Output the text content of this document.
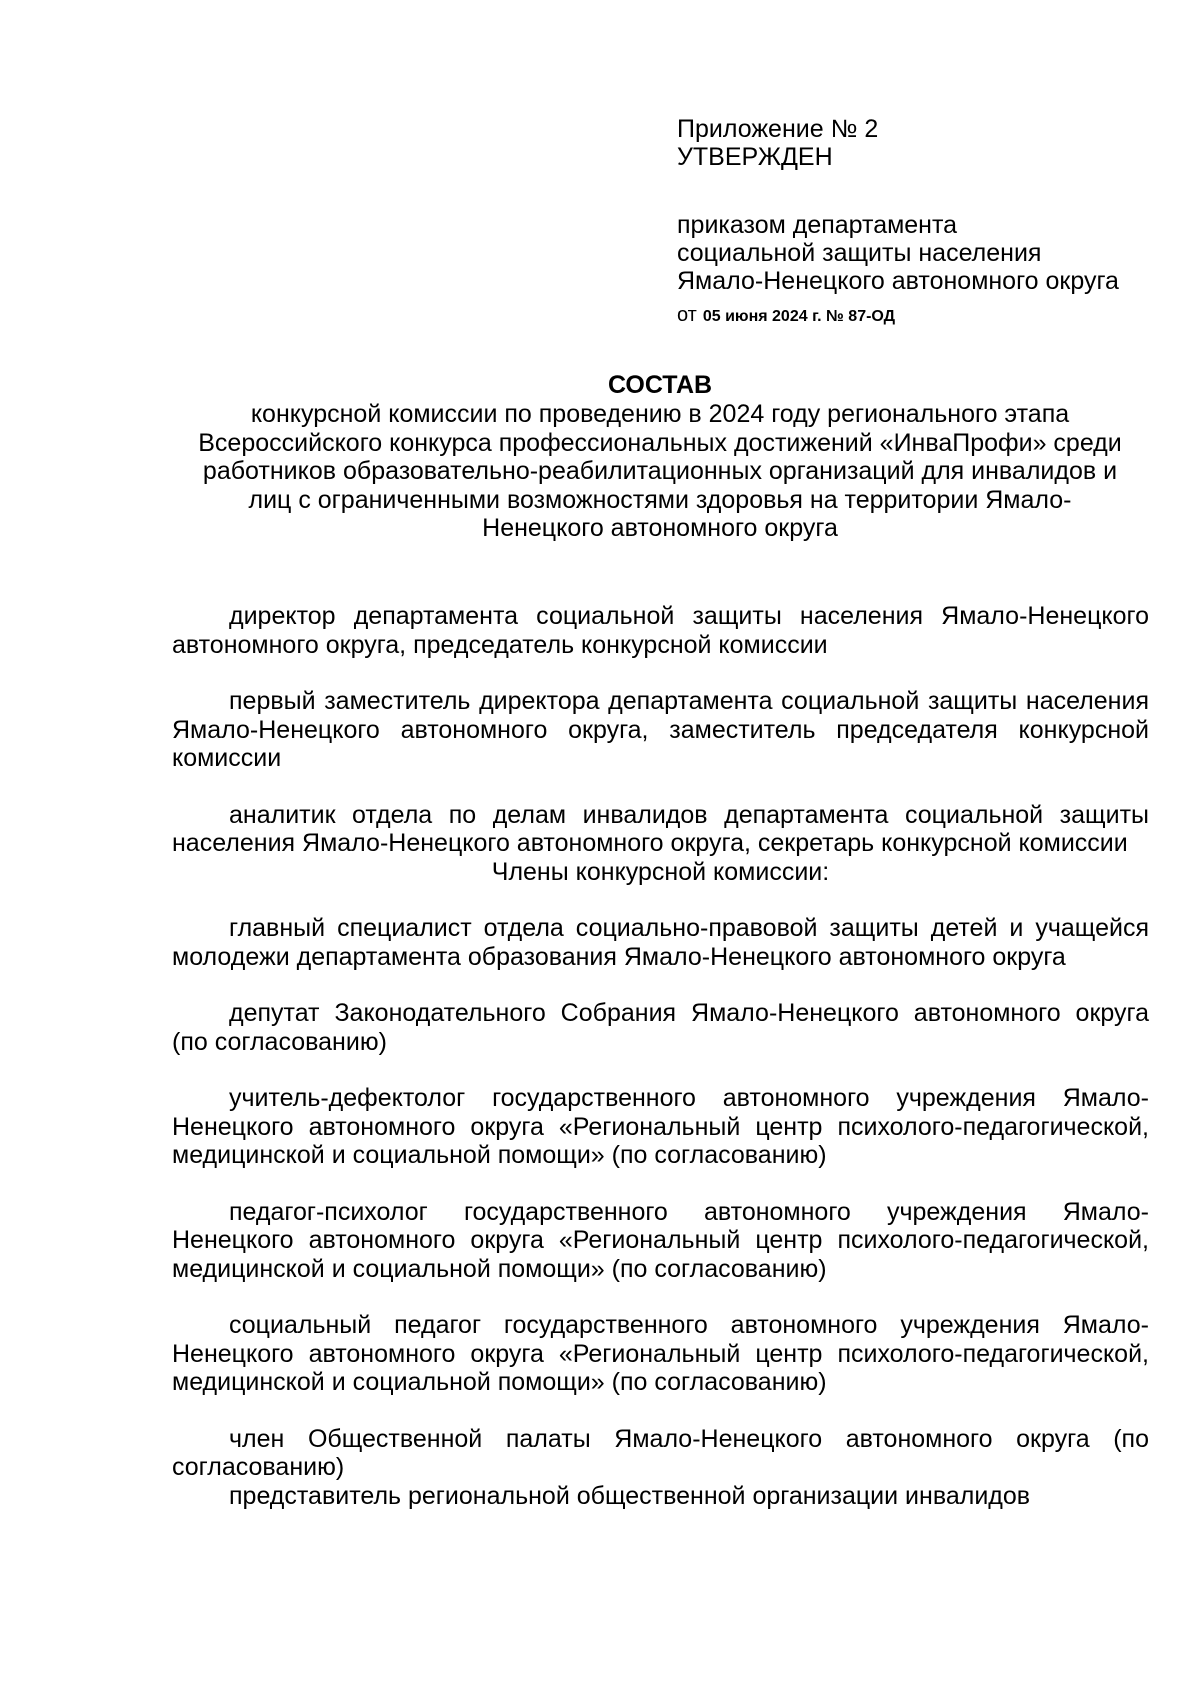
Приложение № 2

УТВЕРЖДЕН

приказом департамента

социальной защиты населения

Ямало-Ненецкого автономного округа

от 05 июня 2024 г. № 87-ОД

СОСТАВ

конкурсной комиссии по проведению в 2024 году регионального этапа Всероссийского конкурса профессиональных достижений «ИнваПрофи» среди работников образовательно-реабилитационных организаций для инвалидов и лиц с ограниченными возможностями здоровья на территории Ямало-Ненецкого автономного округа

директор департамента социальной защиты населения Ямало-Ненецкого автономного округа, председатель конкурсной комиссии

первый заместитель директора департамента социальной защиты населения Ямало-Ненецкого автономного округа, заместитель председателя конкурсной комиссии

аналитик отдела по делам инвалидов департамента социальной защиты населения Ямало-Ненецкого автономного округа, секретарь конкурсной комиссии

Члены конкурсной комиссии:

главный специалист отдела социально-правовой защиты детей и учащейся молодежи департамента образования Ямало-Ненецкого автономного округа

депутат Законодательного Собрания Ямало-Ненецкого автономного округа (по согласованию)

учитель-дефектолог государственного автономного учреждения Ямало-Ненецкого автономного округа «Региональный центр психолого-педагогической, медицинской и социальной помощи» (по согласованию)

педагог-психолог государственного автономного учреждения Ямало-Ненецкого автономного округа «Региональный центр психолого-педагогической, медицинской и социальной помощи» (по согласованию)

социальный педагог государственного автономного учреждения Ямало-Ненецкого автономного округа «Региональный центр психолого-педагогической, медицинской и социальной помощи» (по согласованию)

член Общественной палаты Ямало-Ненецкого автономного округа (по согласованию)

представитель региональной общественной организации инвалидов
